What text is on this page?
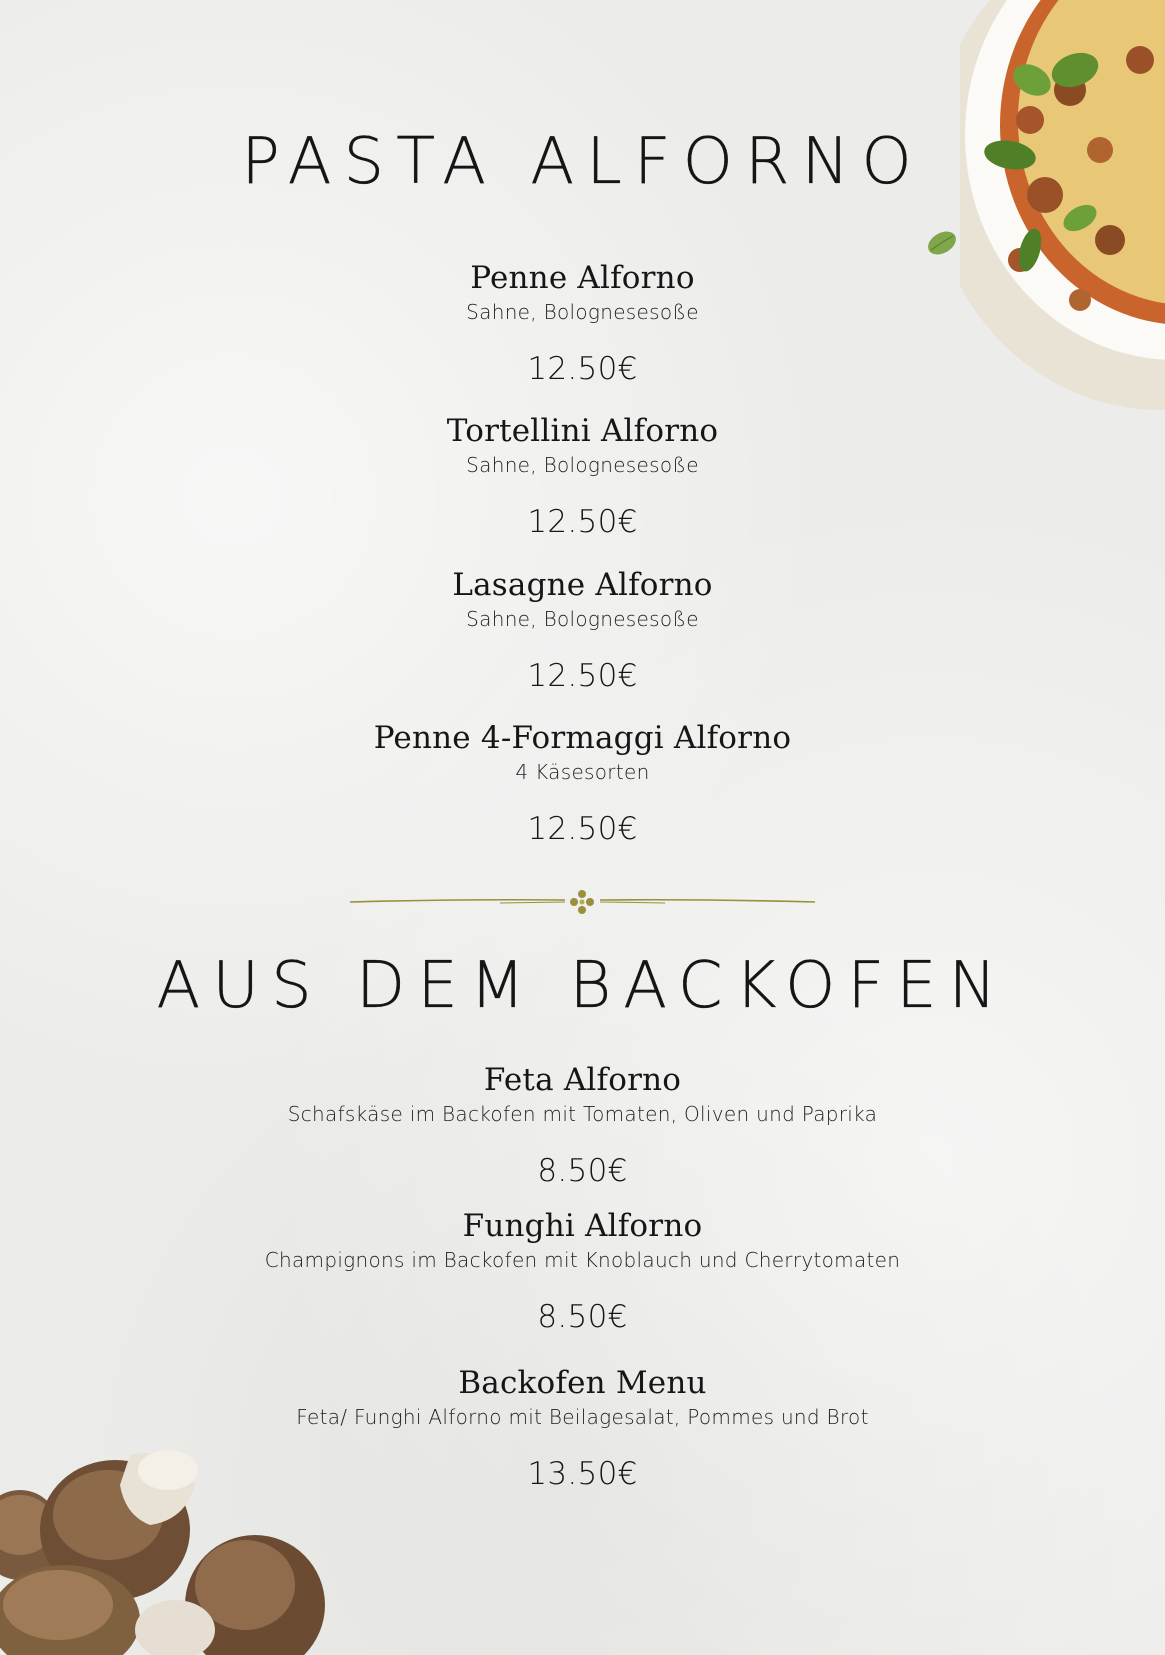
PASTA ALFORNO
Penne Alforno
Sahne, Bolognesesoße
12.50€
Tortellini Alforno
Sahne, Bolognesesoße
12.50€
Lasagne Alforno
Sahne, Bolognesesoße
12.50€
Penne 4-Formaggi Alforno
4 Käsesorten
12.50€
AUS DEM BACKOFEN
Feta Alforno
Schafskäse im Backofen mit Tomaten, Oliven und Paprika
8.50€
Funghi Alforno
Champignons im Backofen mit Knoblauch und Cherrytomaten
8.50€
Backofen Menu
Feta/ Funghi Alforno mit Beilagesalat, Pommes und Brot
13.50€
